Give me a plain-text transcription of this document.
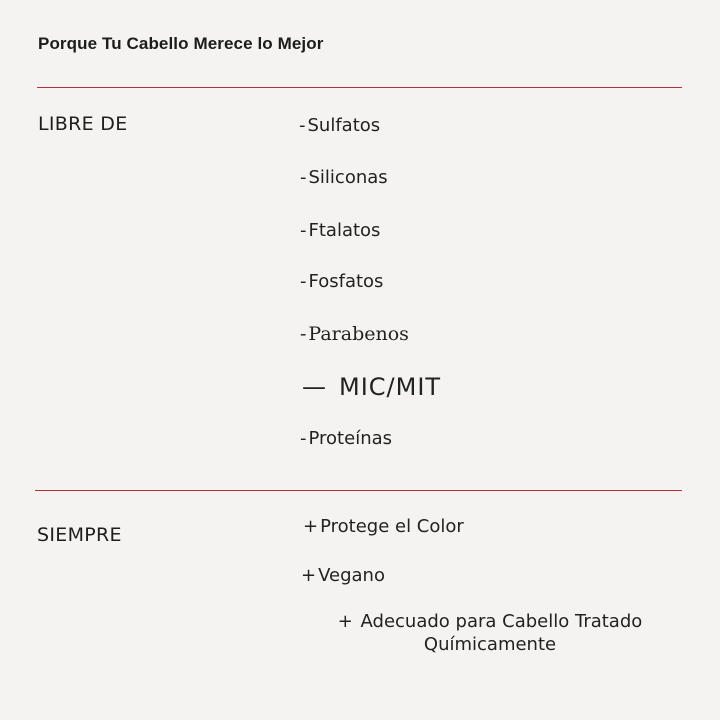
Porque Tu Cabello Merece lo Mejor
LIBRE DE	- Sulfatos
- Siliconas
- Ftalatos
- Fosfatos
- Parabenos
— MIC/MIT
- Proteínas
SIEMPRE	+ Protege el Color
+ Vegano
+ Adecuado para Cabello Tratado Químicamente
